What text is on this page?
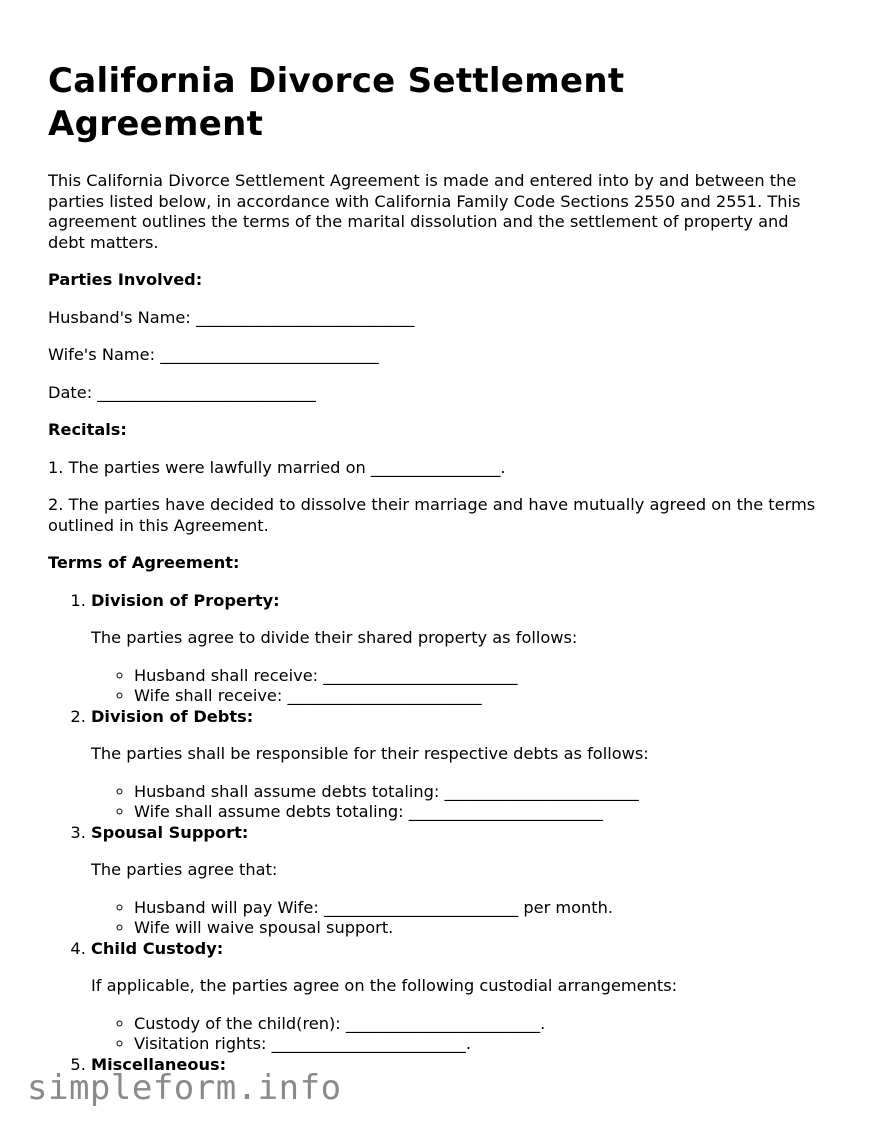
California Divorce Settlement Agreement

This California Divorce Settlement Agreement is made and entered into by and between the parties listed below, in accordance with California Family Code Sections 2550 and 2551. This agreement outlines the terms of the marital dissolution and the settlement of property and debt matters.

Parties Involved:

Husband's Name: ___________________________

Wife's Name: ___________________________

Date: ___________________________

Recitals:

1. The parties were lawfully married on ________________.

2. The parties have decided to dissolve their marriage and have mutually agreed on the terms outlined in this Agreement.

Terms of Agreement:

1. Division of Property:

The parties agree to divide their shared property as follows:

◦ Husband shall receive: ________________________
◦ Wife shall receive: ________________________
2. Division of Debts:

The parties shall be responsible for their respective debts as follows:

◦ Husband shall assume debts totaling: ________________________
◦ Wife shall assume debts totaling: ________________________
3. Spousal Support:

The parties agree that:

◦ Husband will pay Wife: ________________________ per month.
◦ Wife will waive spousal support.
4. Child Custody:

If applicable, the parties agree on the following custodial arrangements:

◦ Custody of the child(ren): ________________________.
◦ Visitation rights: ________________________.
5. Miscellaneous:
simpleform.info
